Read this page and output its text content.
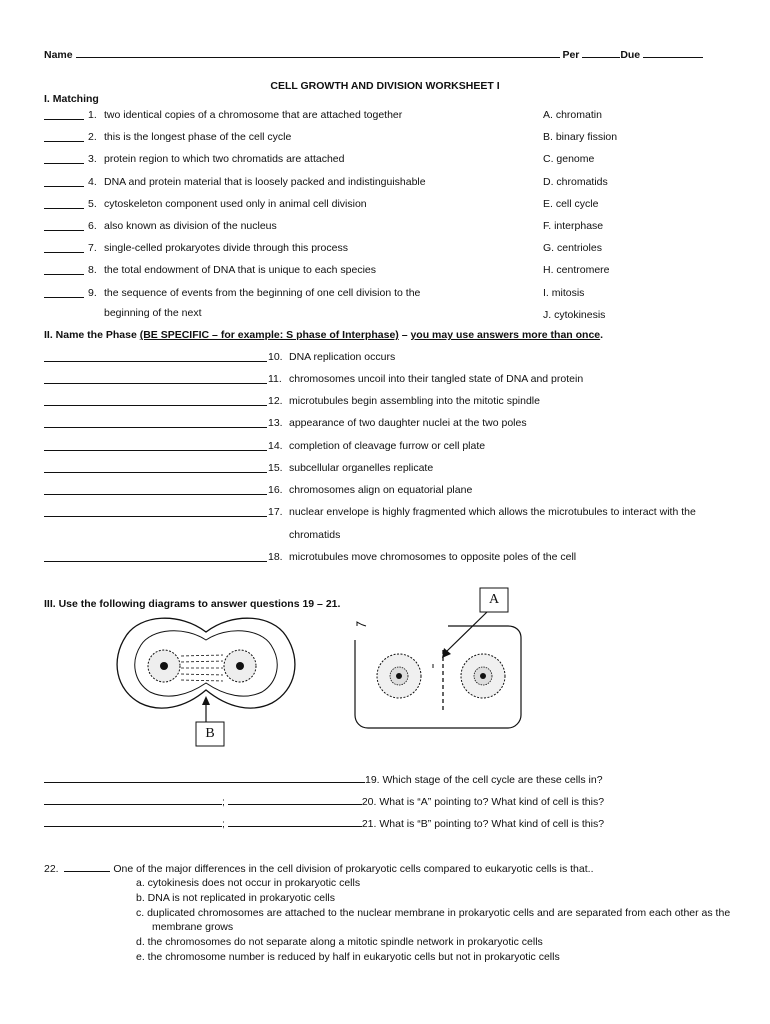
Name	Per	Due
CELL GROWTH AND DIVISION WORKSHEET I
I. Matching
1. two identical copies of a chromosome that are attached together
2. this is the longest phase of the cell cycle
3. protein region to which two chromatids are attached
4. DNA and protein material that is loosely packed and indistinguishable
5. cytoskeleton component used only in animal cell division
6. also known as division of the nucleus
7. single-celled prokaryotes divide through this process
8. the total endowment of DNA that is unique to each species
9. the sequence of events from the beginning of one cell division to the
A. chromatin
B. binary fission
C. genome
D. chromatids
E. cell cycle
F. interphase
G. centrioles
H. centromere
I. mitosis
J. cytokinesis
beginning of the next
II. Name the Phase (BE SPECIFIC – for example: S phase of Interphase) – you may use answers more than once.
10. DNA replication occurs
11. chromosomes uncoil into their tangled state of DNA and protein
12. microtubules begin assembling into the mitotic spindle
13. appearance of two daughter nuclei at the two poles
14. completion of cleavage furrow or cell plate
15. subcellular organelles replicate
16. chromosomes align on equatorial plane
17. nuclear envelope is highly fragmented which allows the microtubules to interact with the
18. microtubules move chromosomes to opposite poles of the cell
chromatids
III. Use the following diagrams to answer questions 19 – 21.	A
B
19. Which stage of the cell cycle are these cells in?
;	20. What is “A” pointing to? What kind of cell is this?
;	21. What is “B” pointing to? What kind of cell is this?
22.	One of the major differences in the cell division of prokaryotic cells compared to eukaryotic cells is that..
a. cytokinesis does not occur in prokaryotic cells
b. DNA is not replicated in prokaryotic cells
c. duplicated chromosomes are attached to the nuclear membrane in prokaryotic cells and are separated from each other as the
d. the chromosomes do not separate along a mitotic spindle network in prokaryotic cells
e. the chromosome number is reduced by half in eukaryotic cells but not in prokaryotic cells
membrane grows
